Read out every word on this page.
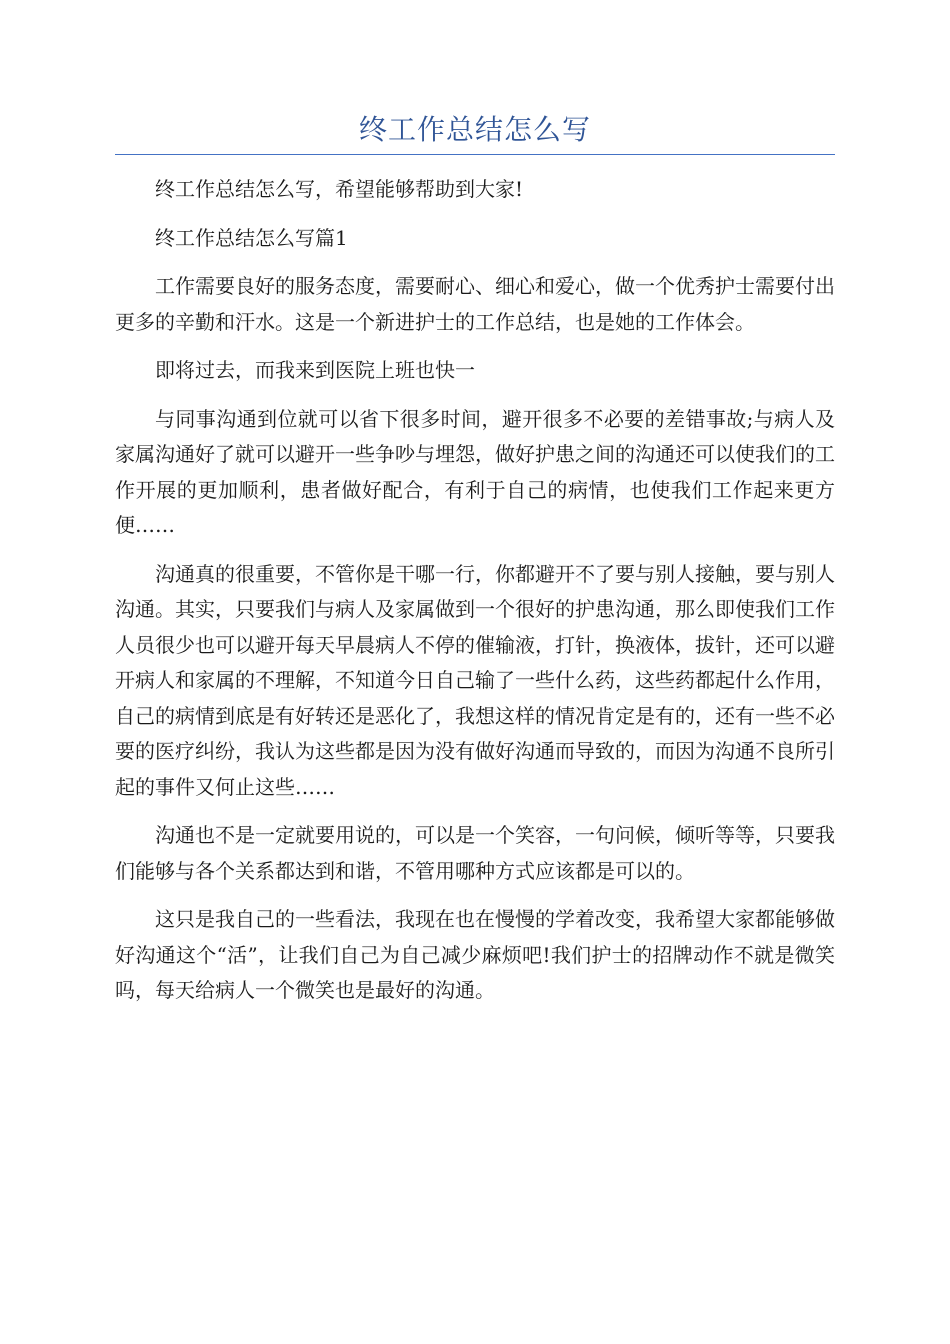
终工作总结怎么写

终工作总结怎么写，希望能够帮助到大家!

终工作总结怎么写篇1

工作需要良好的服务态度，需要耐心、细心和爱心，做一个优秀护士需要付出更多的辛勤和汗水。这是一个新进护士的工作总结，也是她的工作体会。

即将过去，而我来到医院上班也快一

与同事沟通到位就可以省下很多时间，避开很多不必要的差错事故;与病人及家属沟通好了就可以避开一些争吵与埋怨，做好护患之间的沟通还可以使我们的工作开展的更加顺利，患者做好配合，有利于自己的病情，也使我们工作起来更方便……

沟通真的很重要，不管你是干哪一行，你都避开不了要与别人接触，要与别人沟通。其实，只要我们与病人及家属做到一个很好的护患沟通，那么即使我们工作人员很少也可以避开每天早晨病人不停的催输液，打针，换液体，拔针，还可以避开病人和家属的不理解，不知道今日自己输了一些什么药，这些药都起什么作用，自己的病情到底是有好转还是恶化了，我想这样的情况肯定是有的，还有一些不必要的医疗纠纷，我认为这些都是因为没有做好沟通而导致的，而因为沟通不良所引起的事件又何止这些……

沟通也不是一定就要用说的，可以是一个笑容，一句问候，倾听等等，只要我们能够与各个关系都达到和谐，不管用哪种方式应该都是可以的。

这只是我自己的一些看法，我现在也在慢慢的学着改变，我希望大家都能够做好沟通这个“活”，让我们自己为自己减少麻烦吧!我们护士的招牌动作不就是微笑吗，每天给病人一个微笑也是最好的沟通。
